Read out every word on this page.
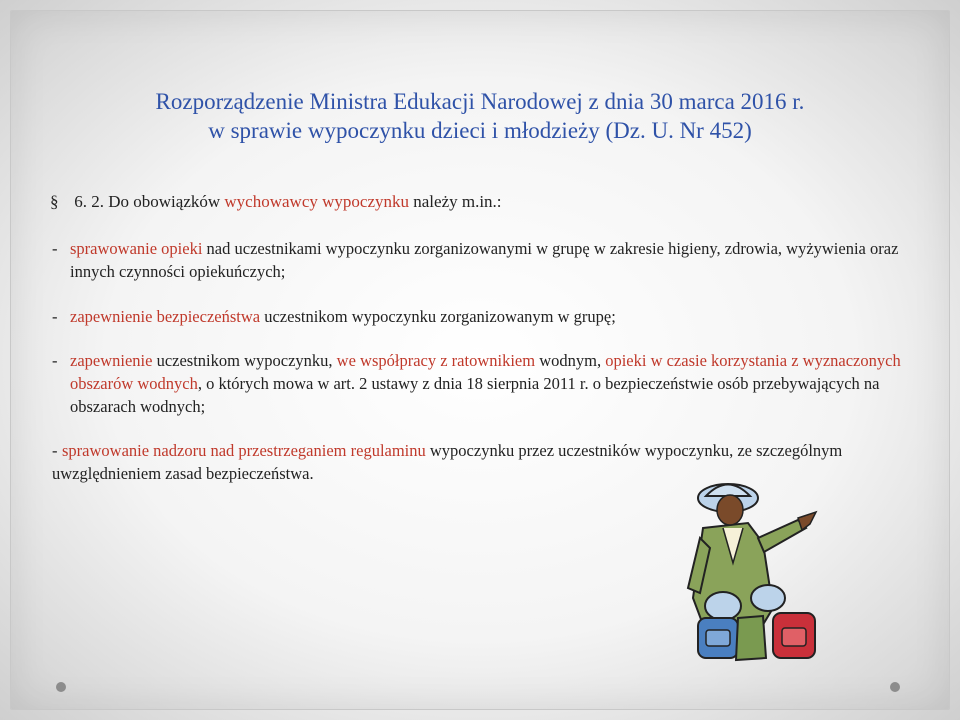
Rozporządzenie Ministra Edukacji Narodowej z dnia 30 marca 2016 r.
w sprawie wypoczynku dzieci i młodzieży (Dz. U. Nr 452)
§ 6. 2. Do obowiązków wychowawcy wypoczynku należy m.in.:
- sprawowanie opieki nad uczestnikami wypoczynku zorganizowanymi w grupę w zakresie higieny, zdrowia, wyżywienia oraz innych czynności opiekuńczych;
- zapewnienie bezpieczeństwa uczestnikom wypoczynku zorganizowanym w grupę;
- zapewnienie uczestnikom wypoczynku, we współpracy z ratownikiem wodnym, opieki w czasie korzystania z wyznaczonych obszarów wodnych, o których mowa w art. 2 ustawy z dnia 18 sierpnia 2011 r. o bezpieczeństwie osób przebywających na obszarach wodnych;
- sprawowanie nadzoru nad przestrzeganiem regulaminu wypoczynku przez uczestników wypoczynku, ze szczególnym uwzględnieniem zasad bezpieczeństwa.
